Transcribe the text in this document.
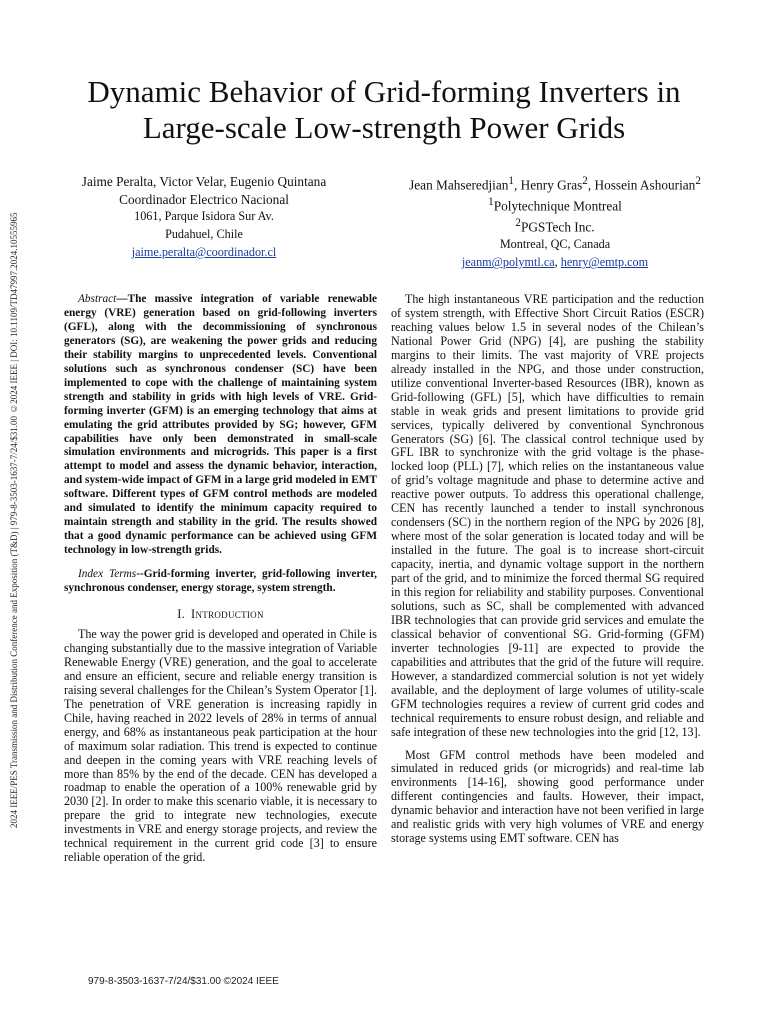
2024 IEEE/PES Transmission and Distribution Conference and Exposition (T&D) | 979-8-3503-1637-7/24/$31.00 ©2024 IEEE | DOI: 10.1109/TD47997.2024.10555965
Dynamic Behavior of Grid-forming Inverters in
Large-scale Low-strength Power Grids
Jaime Peralta, Victor Velar, Eugenio Quintana
Coordinador Electrico Nacional
1061, Parque Isidora Sur Av.
Pudahuel, Chile
jaime.peralta@coordinador.cl
Jean Mahseredjian$^1$, Henry Gras$^2$, Hossein Ashourian$^2$
$^1$Polytechnique Montreal
$^2$PGSTech Inc.
Montreal, QC, Canada
jeanm@polymtl.ca, henry@emtp.com

Abstract—The massive integration of variable renewable energy (VRE) generation based on grid-following inverters (GFL), along with the decommissioning of synchronous generators (SG), are weakening the power grids and reducing their stability margins to unprecedented levels. Conventional solutions such as synchronous condenser (SC) have been implemented to cope with the challenge of maintaining system strength and stability in grids with high levels of VRE. Grid-forming inverter (GFM) is an emerging technology that aims at emulating the grid attributes provided by SG; however, GFM capabilities have only been demonstrated in small-scale simulation environments and microgrids. This paper is a first attempt to model and assess the dynamic behavior, interaction, and system-wide impact of GFM in a large grid modeled in EMT software. Different types of GFM control methods are modeled and simulated to identify the minimum capacity required to maintain strength and stability in the grid. The results showed that a good dynamic performance can be achieved using GFM technology in low-strength grids.

Index Terms--Grid-forming inverter, grid-following inverter, synchronous condenser, energy storage, system strength.

I. Introduction

The way the power grid is developed and operated in Chile is changing substantially due to the massive integration of Variable Renewable Energy (VRE) generation, and the goal to accelerate and ensure an efficient, secure and reliable energy transition is raising several challenges for the Chilean’s System Operator [1]. The penetration of VRE generation is increasing rapidly in Chile, having reached in 2022 levels of 28% in terms of annual energy, and 68% as instantaneous peak participation at the hour of maximum solar radiation. This trend is expected to continue and deepen in the coming years with VRE reaching levels of more than 85% by the end of the decade. CEN has developed a roadmap to enable the operation of a 100% renewable grid by 2030 [2]. In order to make this scenario viable, it is necessary to prepare the grid to integrate new technologies, execute investments in VRE and energy storage projects, and review the technical requirement in the current grid code [3] to ensure reliable operation of the grid.

The high instantaneous VRE participation and the reduction of system strength, with Effective Short Circuit Ratios (ESCR) reaching values below 1.5 in several nodes of the Chilean’s National Power Grid (NPG) [4], are pushing the stability margins to their limits. The vast majority of VRE projects already installed in the NPG, and those under construction, utilize conventional Inverter-based Resources (IBR), known as Grid-following (GFL) [5], which have difficulties to remain stable in weak grids and present limitations to provide grid services, typically delivered by conventional Synchronous Generators (SG) [6]. The classical control technique used by GFL IBR to synchronize with the grid voltage is the phase-locked loop (PLL) [7], which relies on the instantaneous value of grid’s voltage magnitude and phase to determine active and reactive power outputs. To address this operational challenge, CEN has recently launched a tender to install synchronous condensers (SC) in the northern region of the NPG by 2026 [8], where most of the solar generation is located today and will be installed in the future. The goal is to increase short-circuit capacity, inertia, and dynamic voltage support in the northern part of the grid, and to minimize the forced thermal SG required in this region for reliability and stability purposes. Conventional solutions, such as SC, shall be complemented with advanced IBR technologies that can provide grid services and emulate the classical behavior of conventional SG. Grid-forming (GFM) inverter technologies [9-11] are expected to provide the capabilities and attributes that the grid of the future will require. However, a standardized commercial solution is not yet widely available, and the deployment of large volumes of utility-scale GFM technologies requires a review of current grid codes and technical requirements to ensure robust design, and reliable and safe integration of these new technologies into the grid [12, 13].

Most GFM control methods have been modeled and simulated in reduced grids (or microgrids) and real-time lab environments [14-16], showing good performance under different contingencies and faults. However, their impact, dynamic behavior and interaction have not been verified in large and realistic grids with very high volumes of VRE and energy storage systems using EMT software. CEN has

979-8-3503-1637-7/24/$31.00 ©2024 IEEE
